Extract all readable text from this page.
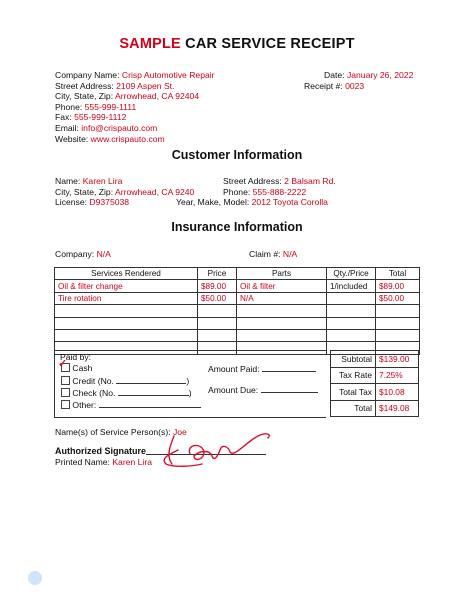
SAMPLE CAR SERVICE RECEIPT
Company Name: Crisp Automotive Repair
Street Address: 2109 Aspen St.
City, State, Zip: Arrowhead, CA 92404
Phone: 555-999-1111
Fax: 555-999-1112
Email: info@crispauto.com
Website: www.crispauto.com
Date: January 26, 2022
Receipt #: 0023
Customer Information
Name: Karen Lira
City, State, Zip: Arrowhead, CA 9240
License: D9375038
Street Address: 2 Balsam Rd.
Phone: 555-888-2222
Year, Make, Model: 2012 Toyota Corolla
Insurance Information
Company: N/A	Claim #: N/A
Services Rendered	Price	Parts	Qty./Price	Total
Oil & filter change	$89.00	Oil & filter	1/included	$89.00
Tire rotation	$50.00	N/A		$50.00

Paid by:
Cash
✓
Credit (No.	)
Check (No.	)
Other:
Amount Paid:
Amount Due:
Subtotal	$139.00
Tax Rate	7.25%
Total Tax	$10.08
Total	$149.08
Name(s) of Service Person(s): Joe
Authorized Signature
Printed Name: Karen Lira
